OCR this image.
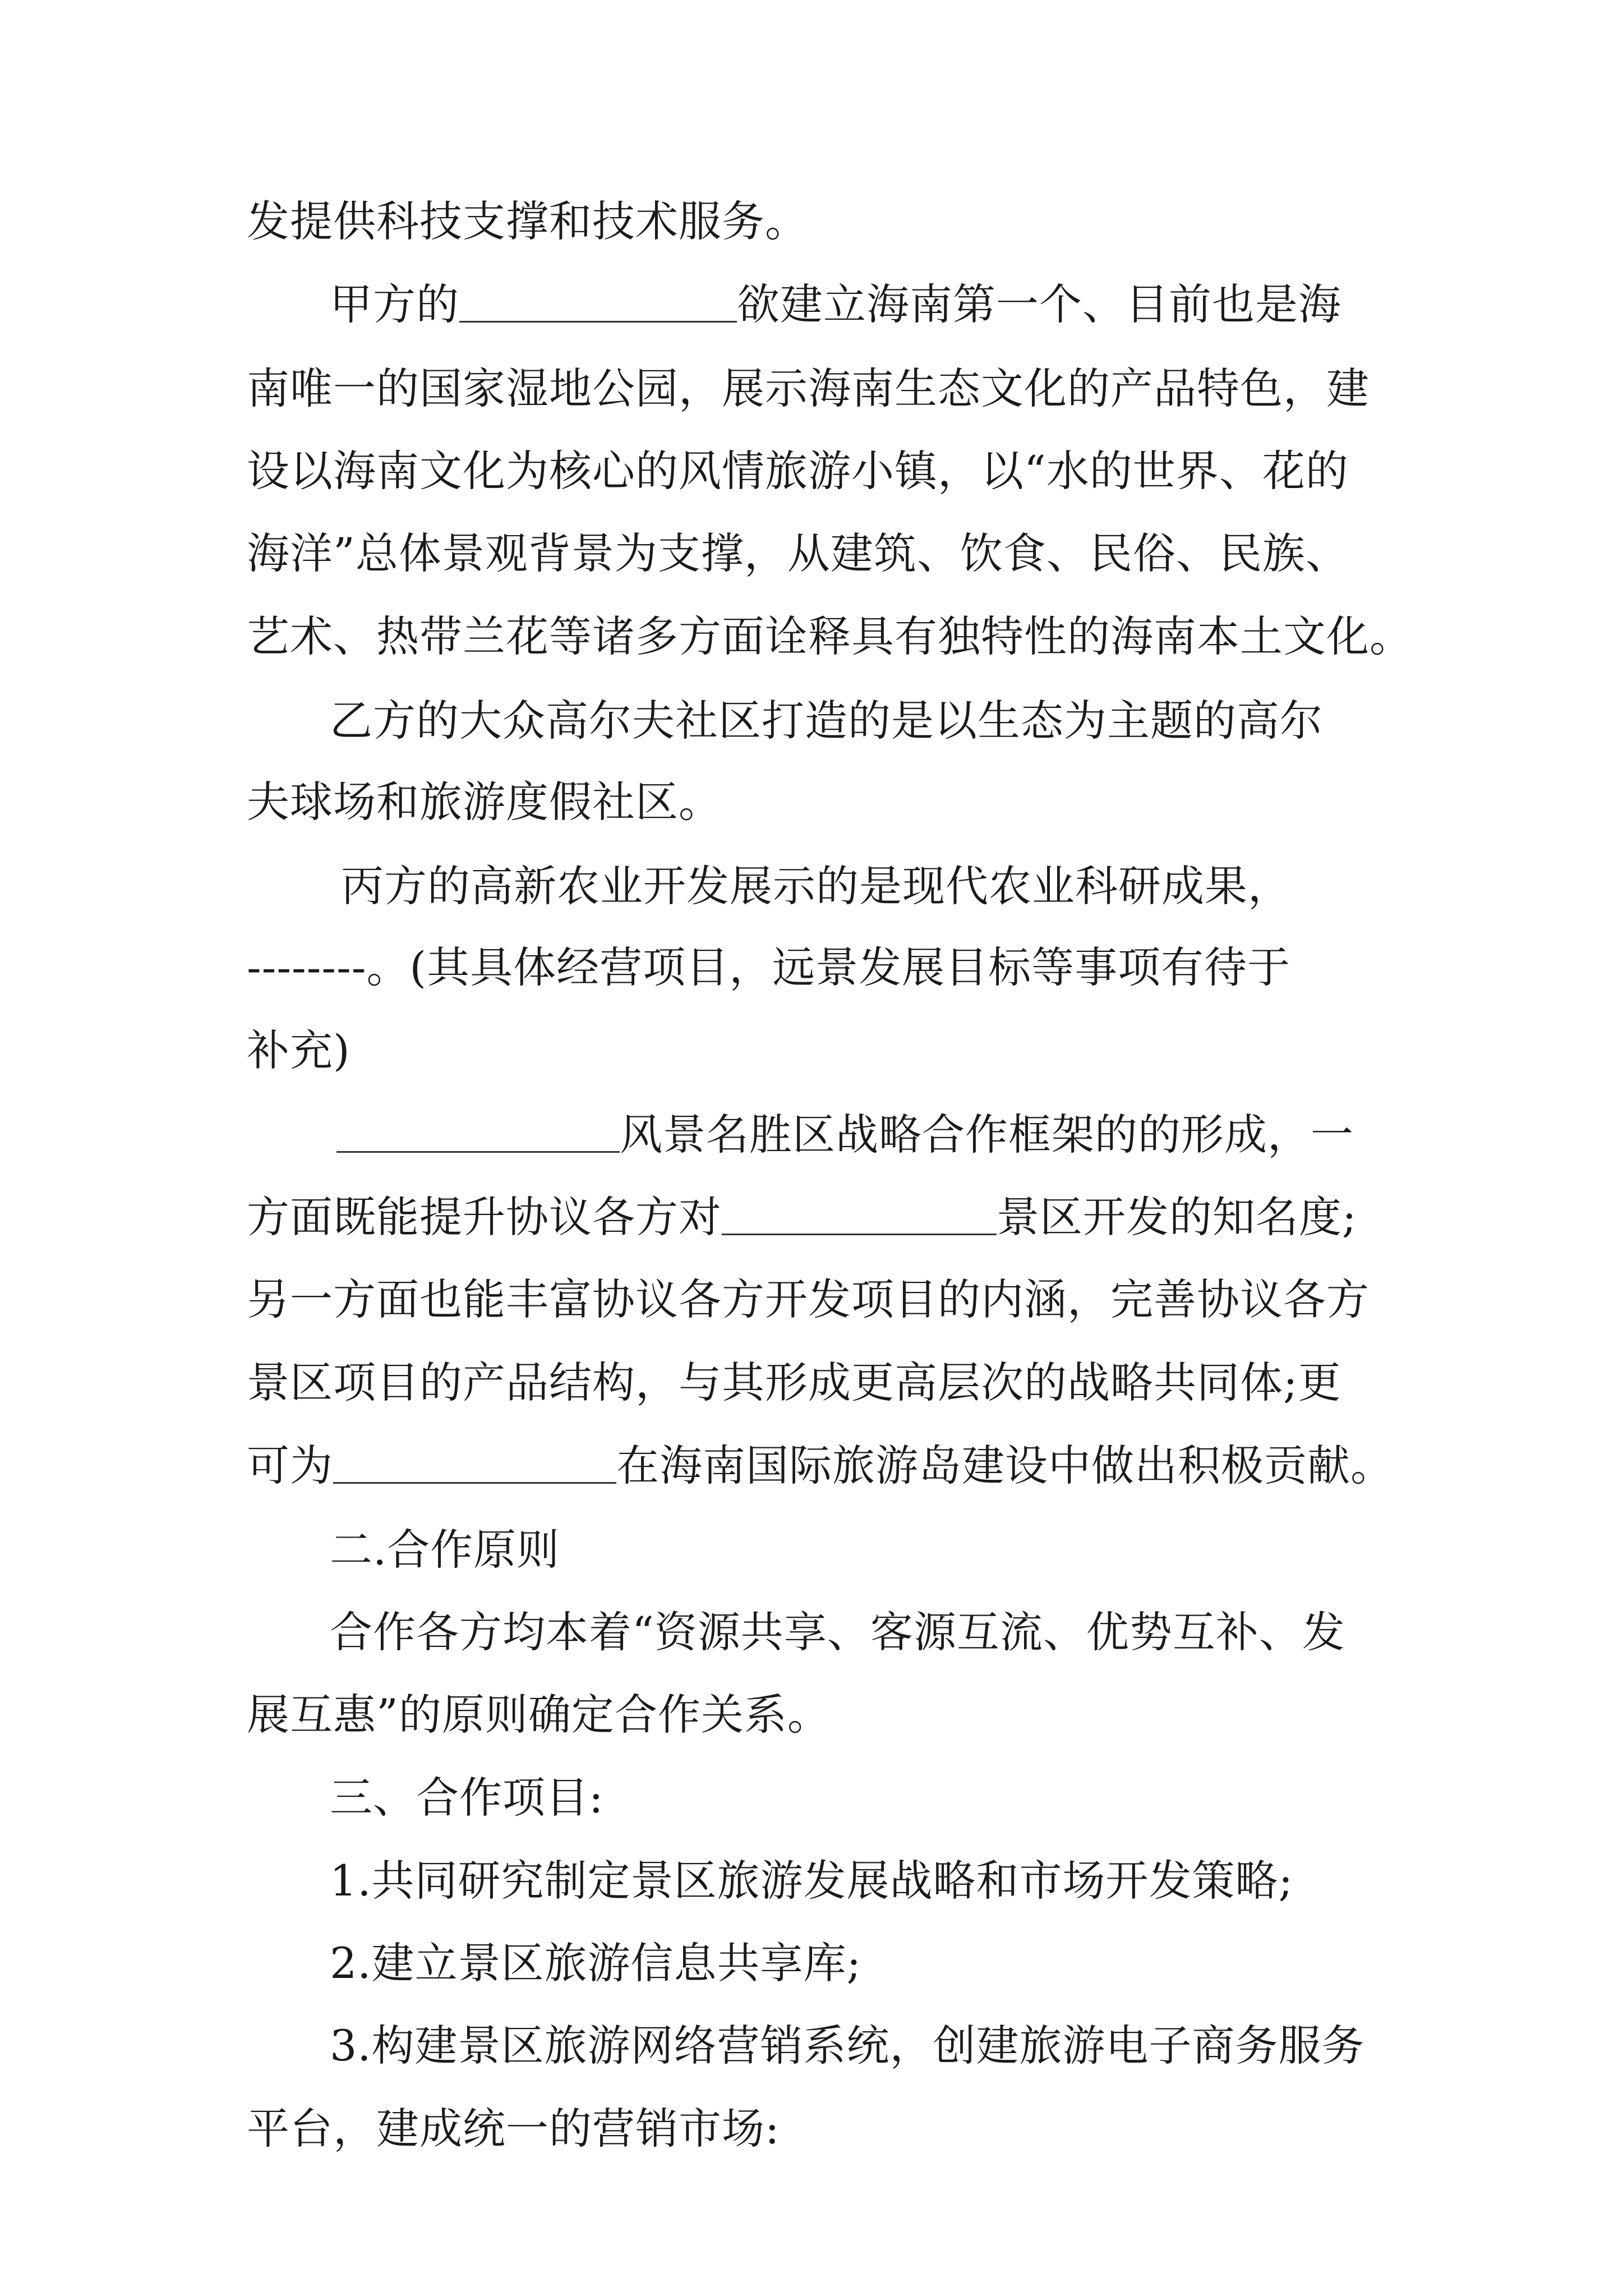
发提供科技支撑和技术服务。
甲方的	欲建立海南第一个、目前也是海
南唯一的国家湿地公园，展示海南生态文化的产品特色，建
设以海南文化为核心的风情旅游小镇，以“水的世界、花的
海洋”总体景观背景为支撑，从建筑、饮食、民俗、民族、
艺术、热带兰花等诸多方面诠释具有独特性的海南本土文化。
乙方的大众高尔夫社区打造的是以生态为主题的高尔
夫球场和旅游度假社区。
丙方的高新农业开发展示的是现代农业科研成果，
--------。(其具体经营项目，远景发展目标等事项有待于
补充)
风景名胜区战略合作框架的的形成，一
方面既能提升协议各方对	景区开发的知名度;
另一方面也能丰富协议各方开发项目的内涵，完善协议各方
景区项目的产品结构，与其形成更高层次的战略共同体;更
可为	在海南国际旅游岛建设中做出积极贡献。
二.合作原则
合作各方均本着“资源共享、客源互流、优势互补、发
展互惠”的原则确定合作关系。
三、合作项目:
1.共同研究制定景区旅游发展战略和市场开发策略;
2.建立景区旅游信息共享库;
3.构建景区旅游网络营销系统，创建旅游电子商务服务
平台，建成统一的营销市场:
